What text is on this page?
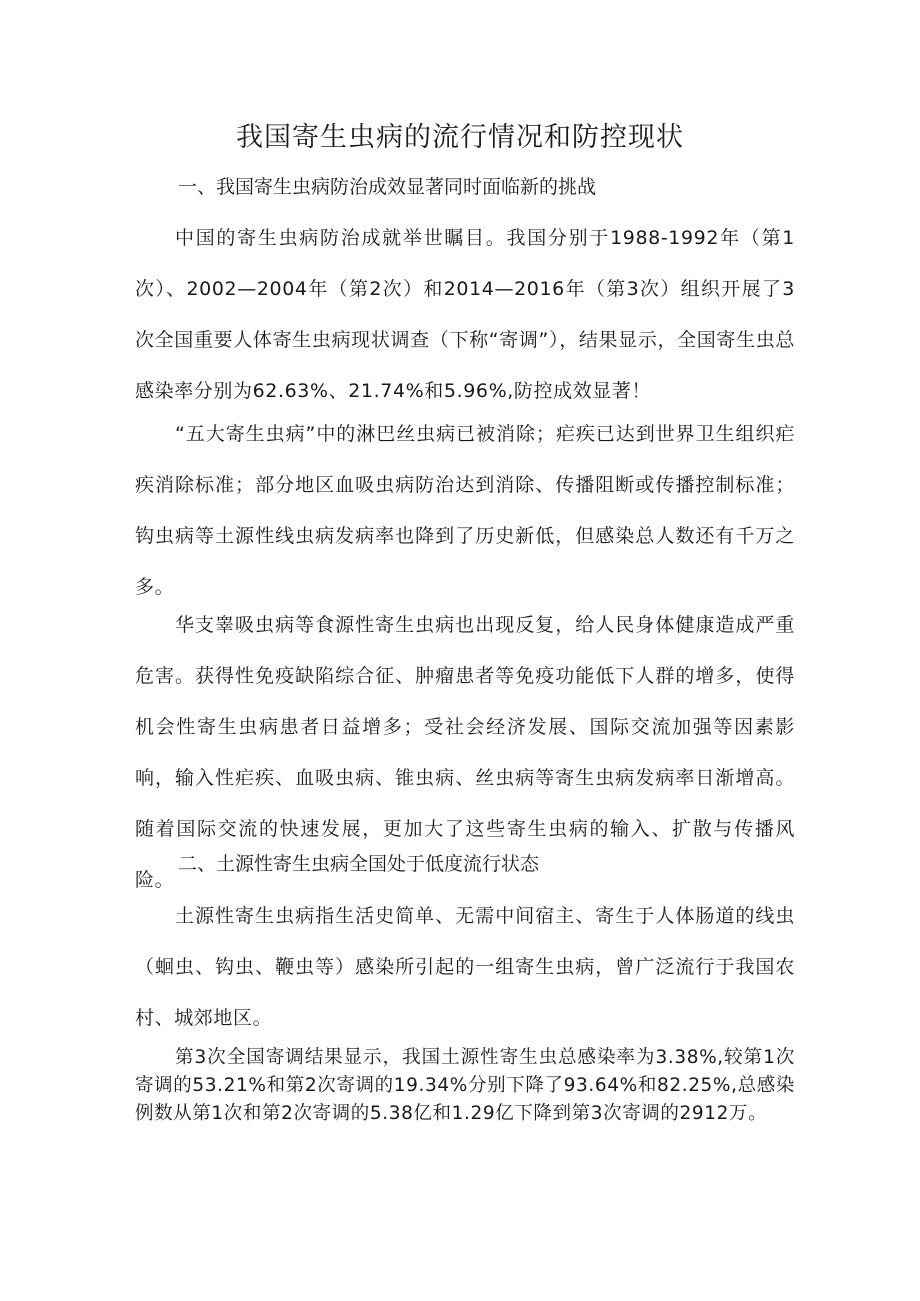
我国寄生虫病的流行情况和防控现状

一、我国寄生虫病防治成效显著同时面临新的挑战

中国的寄生虫病防治成就举世瞩目。我国分别于1988-1992年（第1次）、2002—2004年（第2次）和2014—2016年（第3次）组织开展了3次全国重要人体寄生虫病现状调查（下称“寄调”），结果显示，全国寄生虫总感染率分别为62.63%、21.74%和5.96%,防控成效显著！

“五大寄生虫病”中的淋巴丝虫病已被消除；疟疾已达到世界卫生组织疟疾消除标准；部分地区血吸虫病防治达到消除、传播阻断或传播控制标准；钩虫病等土源性线虫病发病率也降到了历史新低，但感染总人数还有千万之多。

华支睾吸虫病等食源性寄生虫病也出现反复，给人民身体健康造成严重危害。获得性免疫缺陷综合征、肿瘤患者等免疫功能低下人群的增多，使得机会性寄生虫病患者日益增多；受社会经济发展、国际交流加强等因素影响，输入性疟疾、血吸虫病、锥虫病、丝虫病等寄生虫病发病率日渐增高。随着国际交流的快速发展，更加大了这些寄生虫病的输入、扩散与传播风险。

二、土源性寄生虫病全国处于低度流行状态

土源性寄生虫病指生活史简单、无需中间宿主、寄生于人体肠道的线虫（蛔虫、钩虫、鞭虫等）感染所引起的一组寄生虫病，曾广泛流行于我国农村、城郊地区。

第3次全国寄调结果显示，我国土源性寄生虫总感染率为3.38%,较第1次寄调的53.21%和第2次寄调的19.34%分别下降了93.64%和82.25%,总感染例数从第1次和第2次寄调的5.38亿和1.29亿下降到第3次寄调的2912万。
